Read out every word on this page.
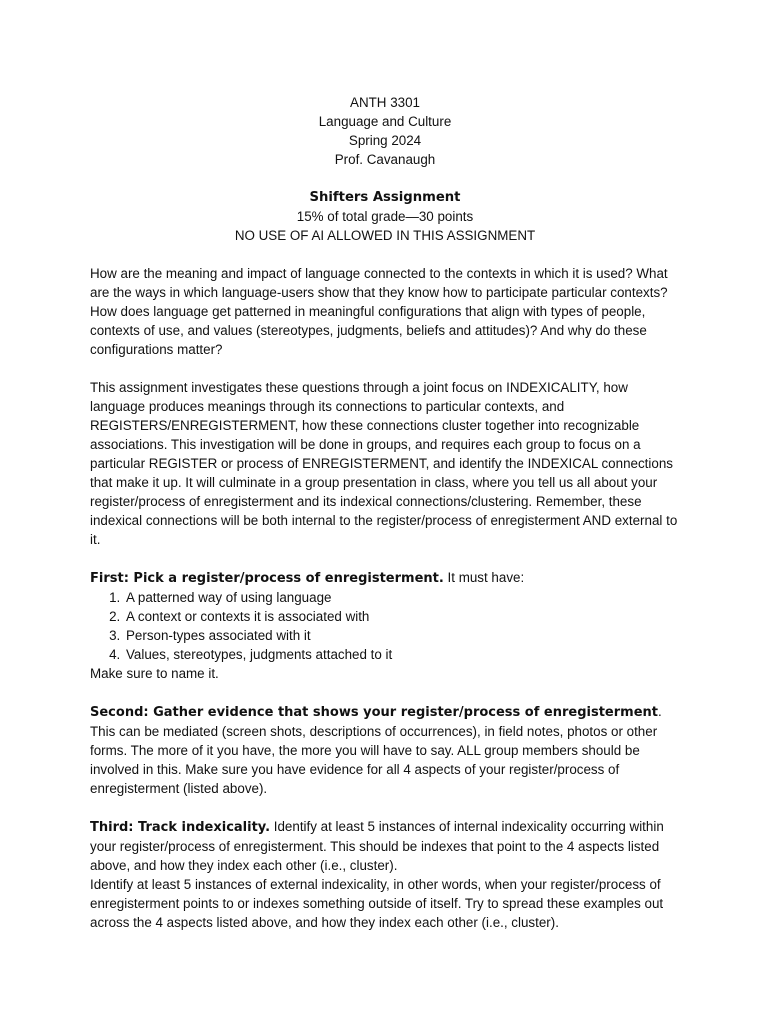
ANTH 3301
Language and Culture
Spring 2024
Prof. Cavanaugh
Shifters Assignment
15% of total grade—30 points
NO USE OF AI ALLOWED IN THIS ASSIGNMENT

How are the meaning and impact of language connected to the contexts in which it is used? What are the ways in which language-users show that they know how to participate particular contexts? How does language get patterned in meaningful configurations that align with types of people, contexts of use, and values (stereotypes, judgments, beliefs and attitudes)? And why do these configurations matter?

This assignment investigates these questions through a joint focus on INDEXICALITY, how language produces meanings through its connections to particular contexts, and REGISTERS/ENREGISTERMENT, how these connections cluster together into recognizable associations. This investigation will be done in groups, and requires each group to focus on a particular REGISTER or process of ENREGISTERMENT, and identify the INDEXICAL connections that make it up. It will culminate in a group presentation in class, where you tell us all about your register/process of enregisterment and its indexical connections/clustering. Remember, these indexical connections will be both internal to the register/process of enregisterment AND external to it.

First: Pick a register/process of enregisterment. It must have:

1. A patterned way of using language
2. A context or contexts it is associated with
3. Person-types associated with it
4. Values, stereotypes, judgments attached to it

Make sure to name it.

Second: Gather evidence that shows your register/process of enregisterment. This can be mediated (screen shots, descriptions of occurrences), in field notes, photos or other forms. The more of it you have, the more you will have to say. ALL group members should be involved in this. Make sure you have evidence for all 4 aspects of your register/process of enregisterment (listed above).

Third: Track indexicality. Identify at least 5 instances of internal indexicality occurring within your register/process of enregisterment. This should be indexes that point to the 4 aspects listed above, and how they index each other (i.e., cluster).

Identify at least 5 instances of external indexicality, in other words, when your register/process of enregisterment points to or indexes something outside of itself. Try to spread these examples out across the 4 aspects listed above, and how they index each other (i.e., cluster).
